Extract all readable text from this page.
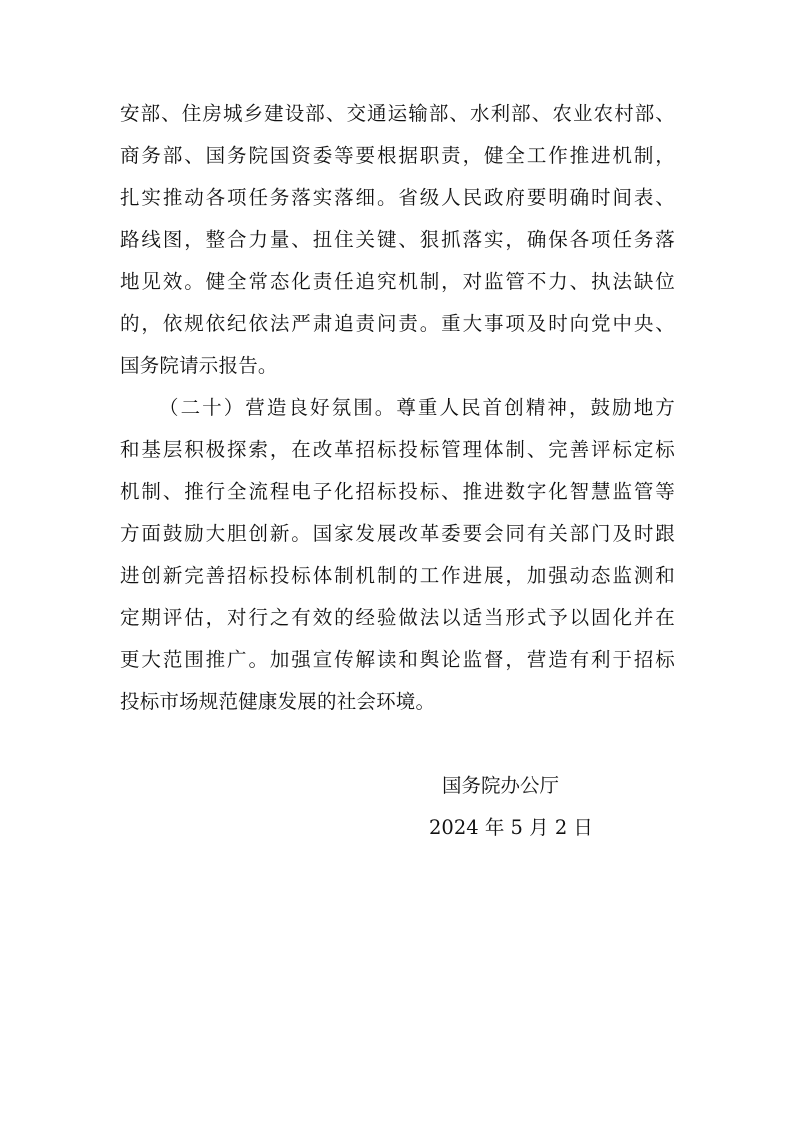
安部、住房城乡建设部、交通运输部、水利部、农业农村部、
商务部、国务院国资委等要根据职责，健全工作推进机制，
扎实推动各项任务落实落细。省级人民政府要明确时间表、
路线图，整合力量、扭住关键、狠抓落实，确保各项任务落
地见效。健全常态化责任追究机制，对监管不力、执法缺位
的，依规依纪依法严肃追责问责。重大事项及时向党中央、
国务院请示报告。
（二十）营造良好氛围。尊重人民首创精神，鼓励地方
和基层积极探索，在改革招标投标管理体制、完善评标定标
机制、推行全流程电子化招标投标、推进数字化智慧监管等
方面鼓励大胆创新。国家发展改革委要会同有关部门及时跟
进创新完善招标投标体制机制的工作进展，加强动态监测和
定期评估，对行之有效的经验做法以适当形式予以固化并在
更大范围推广。加强宣传解读和舆论监督，营造有利于招标
投标市场规范健康发展的社会环境。
国务院办公厅
2024 年 5 月 2 日
